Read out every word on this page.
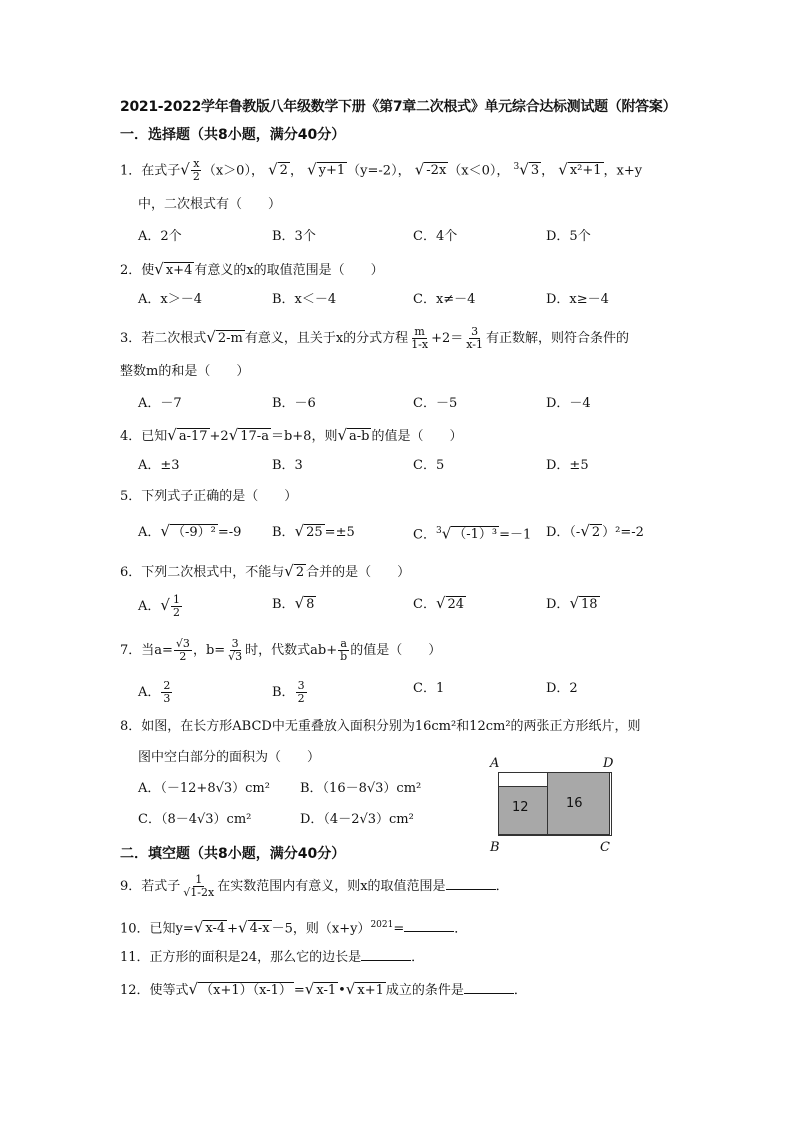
2021-2022学年鲁教版八年级数学下册《第7章二次根式》单元综合达标测试题（附答案）
一．选择题（共8小题，满分40分）
1．在式子√ $\frac{x}{2} (x>0)$， √ 2 ， √ y+1 （y=-2）， √ -2x （x＜0）， $^3$√ 3 ， √ x²+1 ，x+y
中，二次根式有（　　）
A．2个	B．3个	C．4个	D．5个
2．使√ x+4 有意义的x的取值范围是（　　）
A．x＞－4	B．x＜－4	C．x≠－4	D．x≥－4
3．若二次根式√ 2-m 有意义，且关于x的分式方程 $\frac{m}{1-x} +2= \frac{3}{x-1}$ 有正数解，则符合条件的
整数m的和是（　　）
A．－7	B．－6	C．－5	D．－4
4．已知√ a-17 +2√ 17-a ＝b+8，则√ a-b 的值是（　　）
A．±3	B．3	C．5	D．±5
5．下列式子正确的是（　　）
A．√ （-9）² =-9 B．√ 25 =±5	C．$^3$√ （-1）³ =－1 D．（-√ 2 ）²=-2
6．下列二次根式中，不能与√ 2 合并的是（　　）
A．√ $\frac{1}{2}$	B．√ 8	C．√ 24	D．√ 18
7．当$a= \frac{√3}{2}$ ，$b= \frac{3}{√3}$ 时，代数式$ab+ \frac{a}{b}$ 的值是（　　）
A． $\frac{2}{3}$	B． $\frac{3}{2}$	C．1	D．2
8．如图，在长方形ABCD中无重叠放入面积分别为16cm²和12cm²的两张正方形纸片，则
图中空白部分的面积为（　　）
A．（－12+8√3）cm² B．（16－8√3）cm²
C．（8－4√3）cm²	D．（4－2√3）cm²
12	16
A	D
B	C
二．填空题（共8小题，满分40分）
9．若式子 $\frac{1}{√1-2x}$ 在实数范围内有意义，则x的取值范围是	．
10．已知y=√ x-4 +√ 4-x －5，则$(x+y)^{2021}=$	．
11．正方形的面积是24，那么它的边长是	．
12．使等式√ （x+1）（x-1） =√ x-1 •√ x+1 成立的条件是	．
